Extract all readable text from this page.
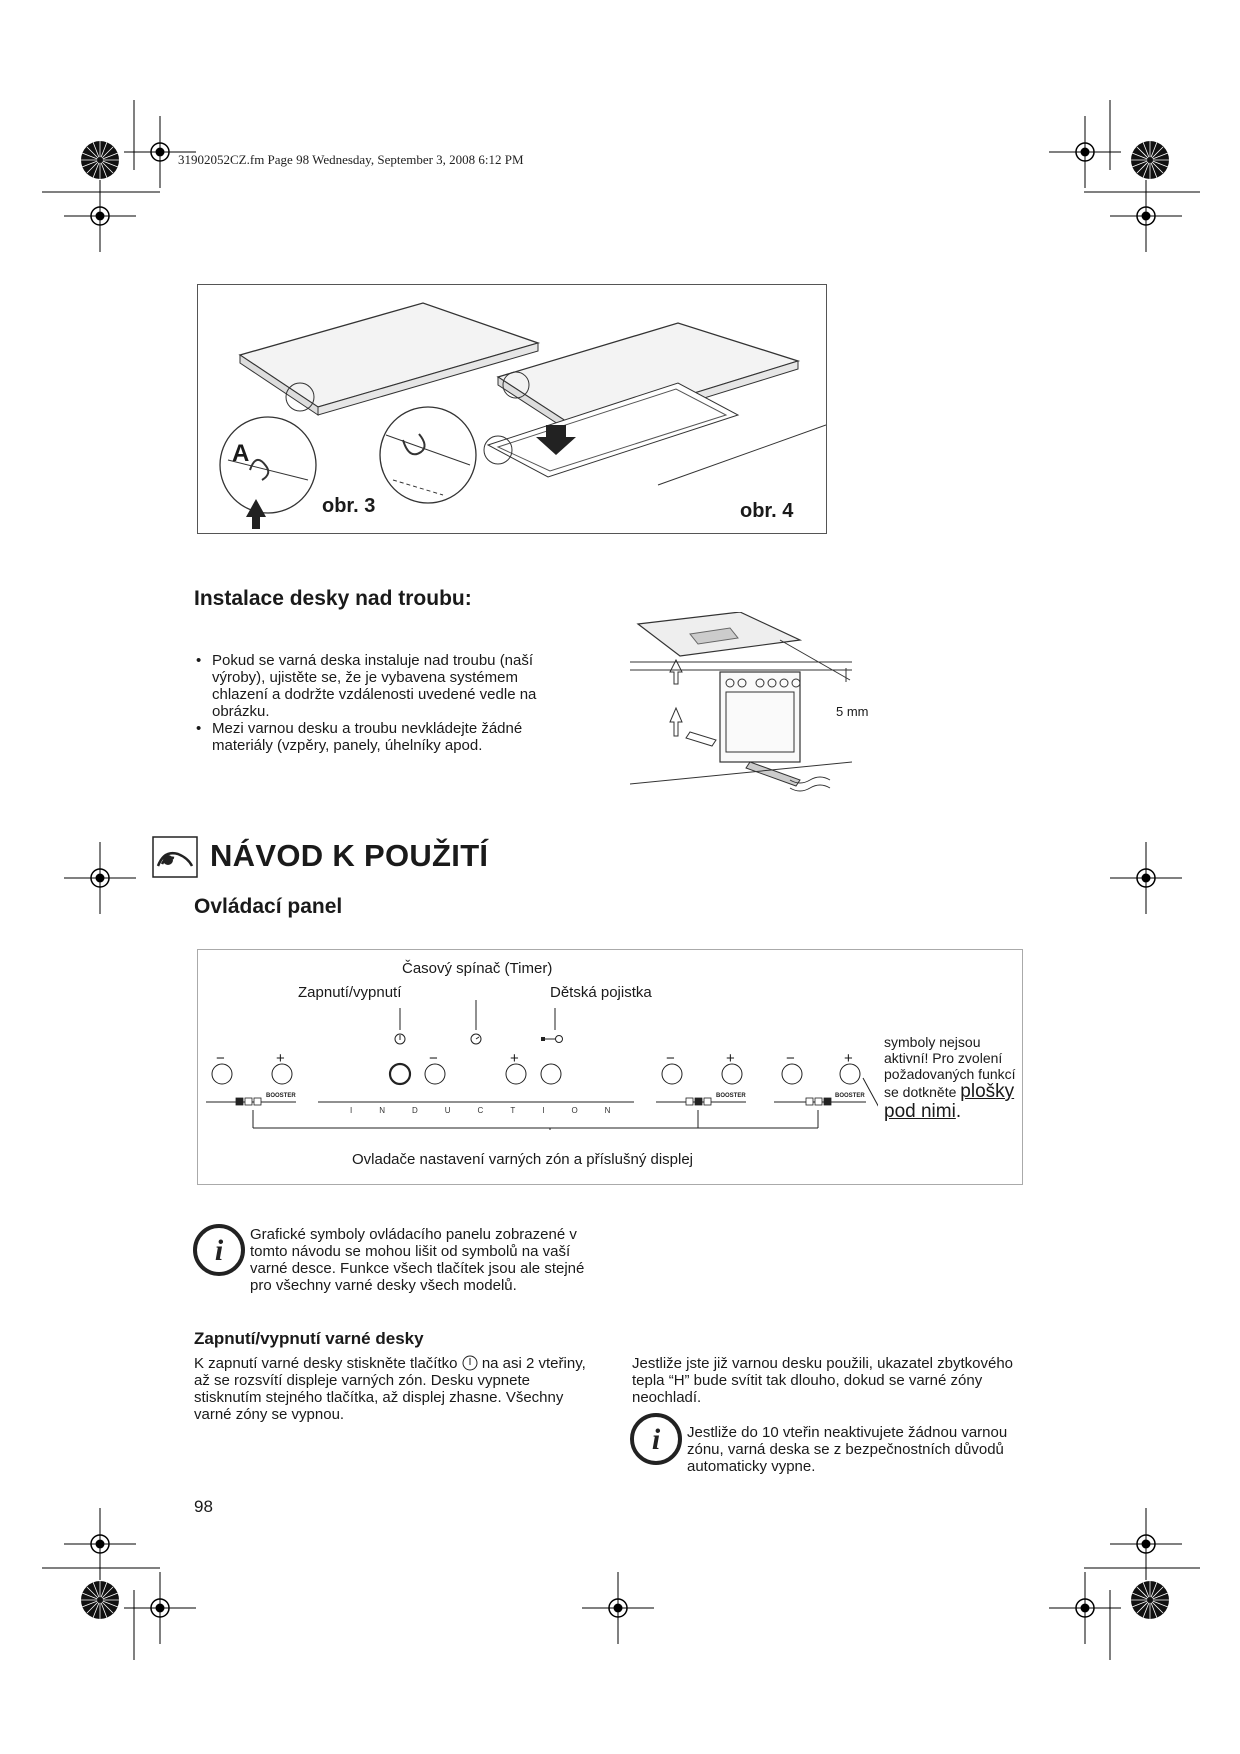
31902052CZ.fm Page 98 Wednesday, September 3, 2008 6:12 PM
A
obr. 3	obr. 4
Instalace desky nad troubu:
• Pokud se varná deska instaluje nad troubu (naší výroby), ujistěte se, že je vybavena systémem chlazení a dodržte vzdálenosti uvedené vedle na obrázku.
• Mezi varnou desku a troubu nevkládejte žádné materiály (vzpěry, panely, úhelníky apod.
5 mm
NÁVOD K POUŽITÍ
Ovládací panel
Časový spínač (Timer)
Zapnutí/vypnutí	Dětská pojistka
−	+	−	+	−	+	−	+
BOOSTER	BOOSTER	BOOSTER
INDUCTION
symboly nejsou aktivní! Pro zvolení požadovaných funkcí se dotkněte plošky pod nimi.
Ovladače nastavení varných zón a příslušný displej
i Grafické symboly ovládacího panelu zobrazené v tomto návodu se mohou lišit od symbolů na vaší varné desce. Funkce všech tlačítek jsou ale stejné pro všechny varné desky všech modelů.
Zapnutí/vypnutí varné desky
K zapnutí varné desky stiskněte tlačítko na asi 2 vteřiny, až se rozsvítí displeje varných zón. Desku vypnete stisknutím stejného tlačítka, až displej zhasne. Všechny varné zóny se vypnou.
Jestliže jste již varnou desku použili, ukazatel zbytkového tepla “H” bude svítit tak dlouho, dokud se varné zóny neochladí.
i Jestliže do 10 vteřin neaktivujete žádnou varnou zónu, varná deska se z bezpečnostních důvodů automaticky vypne.
98
